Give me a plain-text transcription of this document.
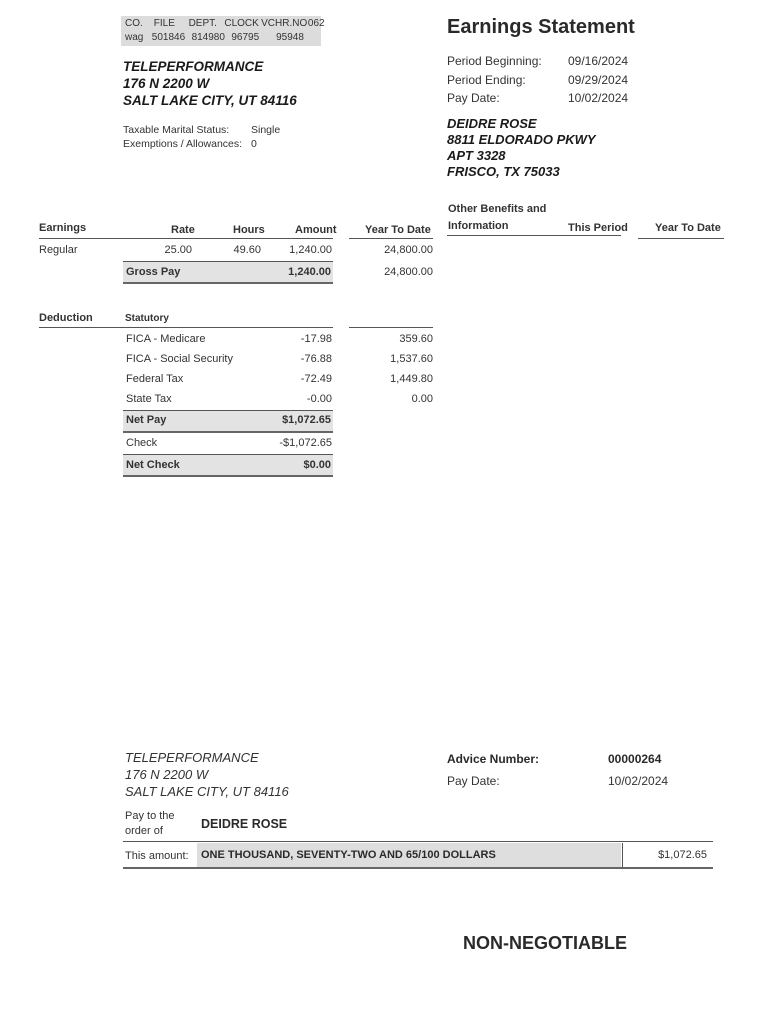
CO. FILE DEPT. CLOCK VCHR.NO 062
wag 501846 814980 96795 95948	Earnings Statement
TELEPERFORMANCE
176 N 2200 W
SALT LAKE CITY, UT 84116
Period Beginning:	09/16/2024
Period Ending:	09/29/2024
Pay Date:	10/02/2024
DEIDRE ROSE
8811 ELDORADO PKWY
APT 3328
FRISCO, TX 75033
Taxable Marital Status:	Single
Exemptions / Allowances: 0
Earnings	Rate	Hours	Amount	Year To Date
Regular	25.00	49.60	1,240.00	24,800.00
Gross Pay	1,240.00	24,800.00
Other Benefits and
Information	This Period Year To Date
Deduction	Statutory
FICA - Medicare	-17.98	359.60
FICA - Social Security	-76.88	1,537.60
Federal Tax	-72.49	1,449.80
State Tax	-0.00	0.00
Net Pay	$1,072.65
Check	-$1,072.65
Net Check	$0.00
TELEPERFORMANCE
176 N 2200 W
SALT LAKE CITY, UT 84116
Advice Number:	00000264
Pay Date:	10/02/2024
Pay to the
order of	DEIDRE ROSE
This amount:	ONE THOUSAND, SEVENTY-TWO AND 65/100 DOLLARS	$1,072.65
NON-NEGOTIABLE
